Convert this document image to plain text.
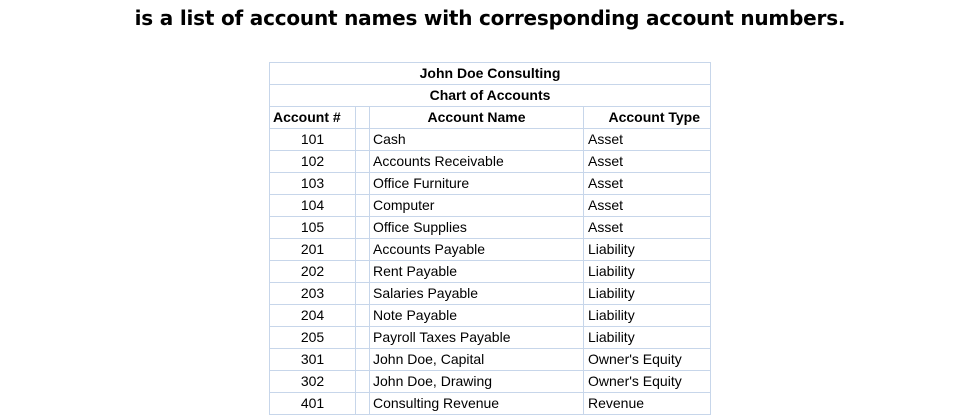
is a list of account names with corresponding account numbers.
John Doe Consulting			
Chart of Accounts			
Account #		Account Name	Account Type
101		Cash	Asset
102		Accounts Receivable	Asset
103		Office Furniture	Asset
104		Computer	Asset
105		Office Supplies	Asset
201		Accounts Payable	Liability
202		Rent Payable	Liability
203		Salaries Payable	Liability
204		Note Payable	Liability
205		Payroll Taxes Payable	Liability
301		John Doe, Capital	Owner's Equity
302		John Doe, Drawing	Owner's Equity
401		Consulting Revenue	Revenue
